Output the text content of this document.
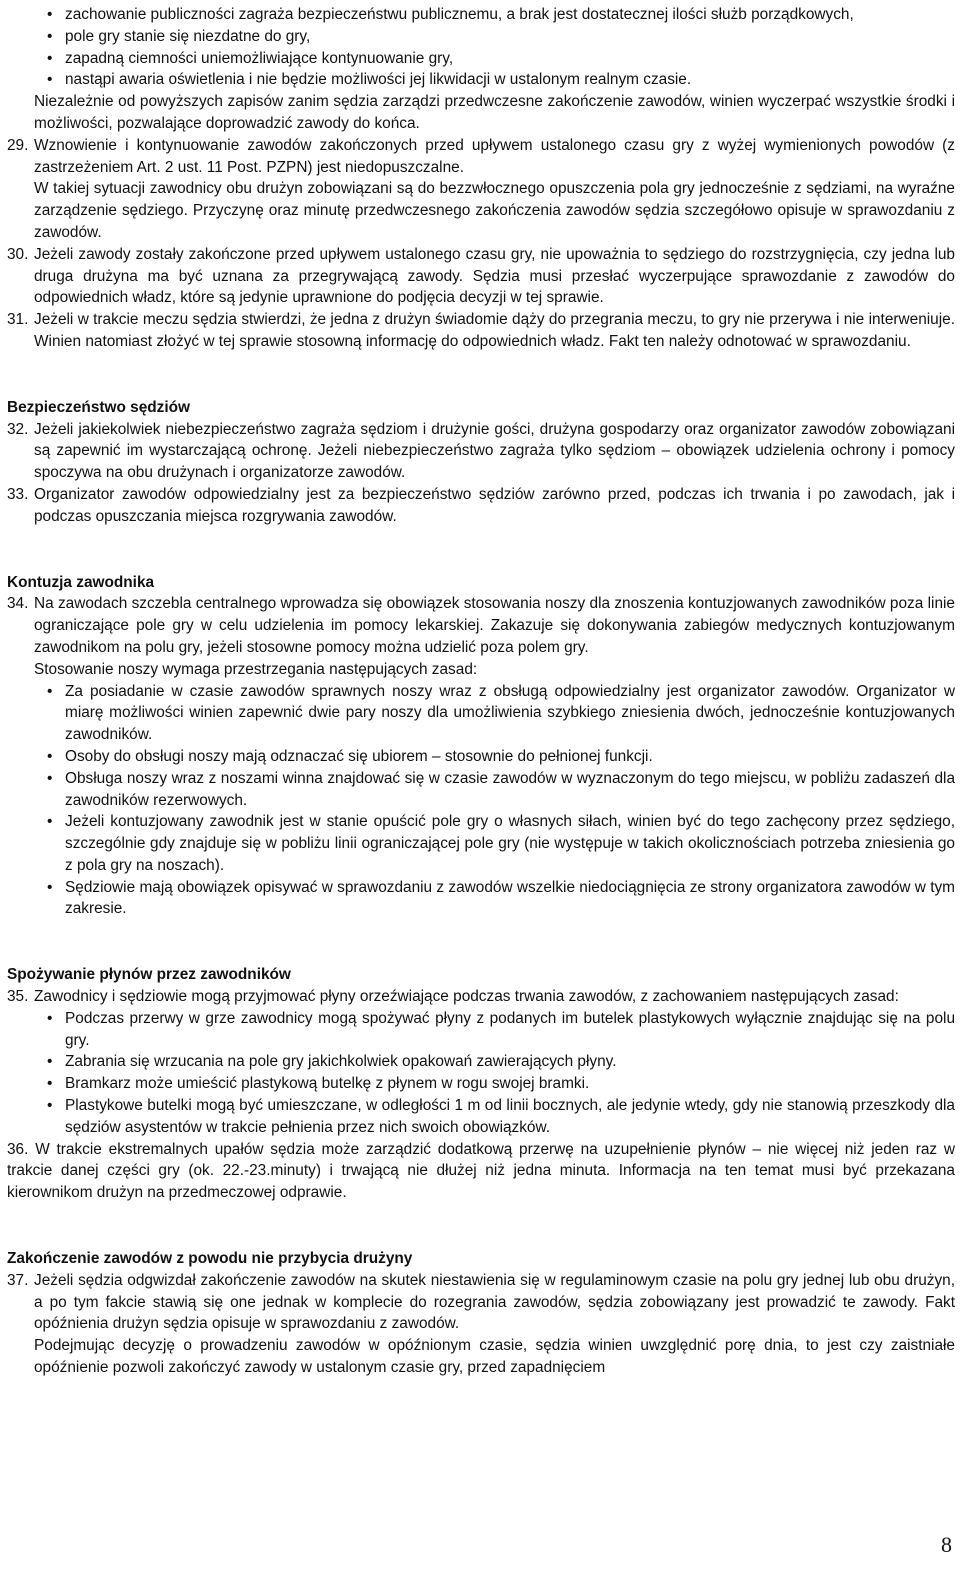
• zachowanie publiczności zagraża bezpieczeństwu publicznemu, a brak jest dostatecznej ilości służb porządkowych,
• pole gry stanie się niezdatne do gry,
• zapadną ciemności uniemożliwiające kontynuowanie gry,
• nastąpi awaria oświetlenia i nie będzie możliwości jej likwidacji w ustalonym realnym czasie.

Niezależnie od powyższych zapisów zanim sędzia zarządzi przedwczesne zakończenie zawodów, winien wyczerpać wszystkie środki i możliwości, pozwalające doprowadzić zawody do końca.

29. Wznowienie i kontynuowanie zawodów zakończonych przed upływem ustalonego czasu gry z wyżej wymienionych powodów (z zastrzeżeniem Art. 2 ust. 11 Post. PZPN) jest niedopuszczalne.

W takiej sytuacji zawodnicy obu drużyn zobowiązani są do bezzwłocznego opuszczenia pola gry jednocześnie z sędziami, na wyraźne zarządzenie sędziego. Przyczynę oraz minutę przedwczesnego zakończenia zawodów sędzia szczegółowo opisuje w sprawozdaniu z zawodów.

30. Jeżeli zawody zostały zakończone przed upływem ustalonego czasu gry, nie upoważnia to sędziego do rozstrzygnięcia, czy jedna lub druga drużyna ma być uznana za przegrywającą zawody. Sędzia musi przesłać wyczerpujące sprawozdanie z zawodów do odpowiednich władz, które są jedynie uprawnione do podjęcia decyzji w tej sprawie.
31. Jeżeli w trakcie meczu sędzia stwierdzi, że jedna z drużyn świadomie dąży do przegrania meczu, to gry nie przerywa i nie interweniuje. Winien natomiast złożyć w tej sprawie stosowną informację do odpowiednich władz. Fakt ten należy odnotować w sprawozdaniu.
Bezpieczeństwo sędziów
32. Jeżeli jakiekolwiek niebezpieczeństwo zagraża sędziom i drużynie gości, drużyna gospodarzy oraz organizator zawodów zobowiązani są zapewnić im wystarczającą ochronę. Jeżeli niebezpieczeństwo zagraża tylko sędziom – obowiązek udzielenia ochrony i pomocy spoczywa na obu drużynach i organizatorze zawodów.
33. Organizator zawodów odpowiedzialny jest za bezpieczeństwo sędziów zarówno przed, podczas ich trwania i po zawodach, jak i podczas opuszczania miejsca rozgrywania zawodów.
Kontuzja zawodnika
34. Na zawodach szczebla centralnego wprowadza się obowiązek stosowania noszy dla znoszenia kontuzjowanych zawodników poza linie ograniczające pole gry w celu udzielenia im pomocy lekarskiej. Zakazuje się dokonywania zabiegów medycznych kontuzjowanym zawodnikom na polu gry, jeżeli stosowne pomocy można udzielić poza polem gry.

Stosowanie noszy wymaga przestrzegania następujących zasad:

• Za posiadanie w czasie zawodów sprawnych noszy wraz z obsługą odpowiedzialny jest organizator zawodów. Organizator w miarę możliwości winien zapewnić dwie pary noszy dla umożliwienia szybkiego zniesienia dwóch, jednocześnie kontuzjowanych zawodników.
• Osoby do obsługi noszy mają odznaczać się ubiorem – stosownie do pełnionej funkcji.
• Obsługa noszy wraz z noszami winna znajdować się w czasie zawodów w wyznaczonym do tego miejscu, w pobliżu zadaszeń dla zawodników rezerwowych.
• Jeżeli kontuzjowany zawodnik jest w stanie opuścić pole gry o własnych siłach, winien być do tego zachęcony przez sędziego, szczególnie gdy znajduje się w pobliżu linii ograniczającej pole gry (nie występuje w takich okolicznościach potrzeba zniesienia go z pola gry na noszach).
• Sędziowie mają obowiązek opisywać w sprawozdaniu z zawodów wszelkie niedociągnięcia ze strony organizatora zawodów w tym zakresie.
Spożywanie płynów przez zawodników
35. Zawodnicy i sędziowie mogą przyjmować płyny orzeźwiające podczas trwania zawodów, z zachowaniem następujących zasad:
• Podczas przerwy w grze zawodnicy mogą spożywać płyny z podanych im butelek plastykowych wyłącznie znajdując się na polu gry.
• Zabrania się wrzucania na pole gry jakichkolwiek opakowań zawierających płyny.
• Bramkarz może umieścić plastykową butelkę z płynem w rogu swojej bramki.
• Plastykowe butelki mogą być umieszczane, w odległości 1 m od linii bocznych, ale jedynie wtedy, gdy nie stanowią przeszkody dla sędziów asystentów w trakcie pełnienia przez nich swoich obowiązków.

36. W trakcie ekstremalnych upałów sędzia może zarządzić dodatkową przerwę na uzupełnienie płynów – nie więcej niż jeden raz w trakcie danej części gry (ok. 22.-23.minuty) i trwającą nie dłużej niż jedna minuta. Informacja na ten temat musi być przekazana kierownikom drużyn na przedmeczowej odprawie.

Zakończenie zawodów z powodu nie przybycia drużyny
37. Jeżeli sędzia odgwizdał zakończenie zawodów na skutek niestawienia się w regulaminowym czasie na polu gry jednej lub obu drużyn, a po tym fakcie stawią się one jednak w komplecie do rozegrania zawodów, sędzia zobowiązany jest prowadzić te zawody. Fakt opóźnienia drużyn sędzia opisuje w sprawozdaniu z zawodów.

Podejmując decyzję o prowadzeniu zawodów w opóźnionym czasie, sędzia winien uwzględnić porę dnia, to jest czy zaistniałe opóźnienie pozwoli zakończyć zawody w ustalonym czasie gry, przed zapadnięciem

8
